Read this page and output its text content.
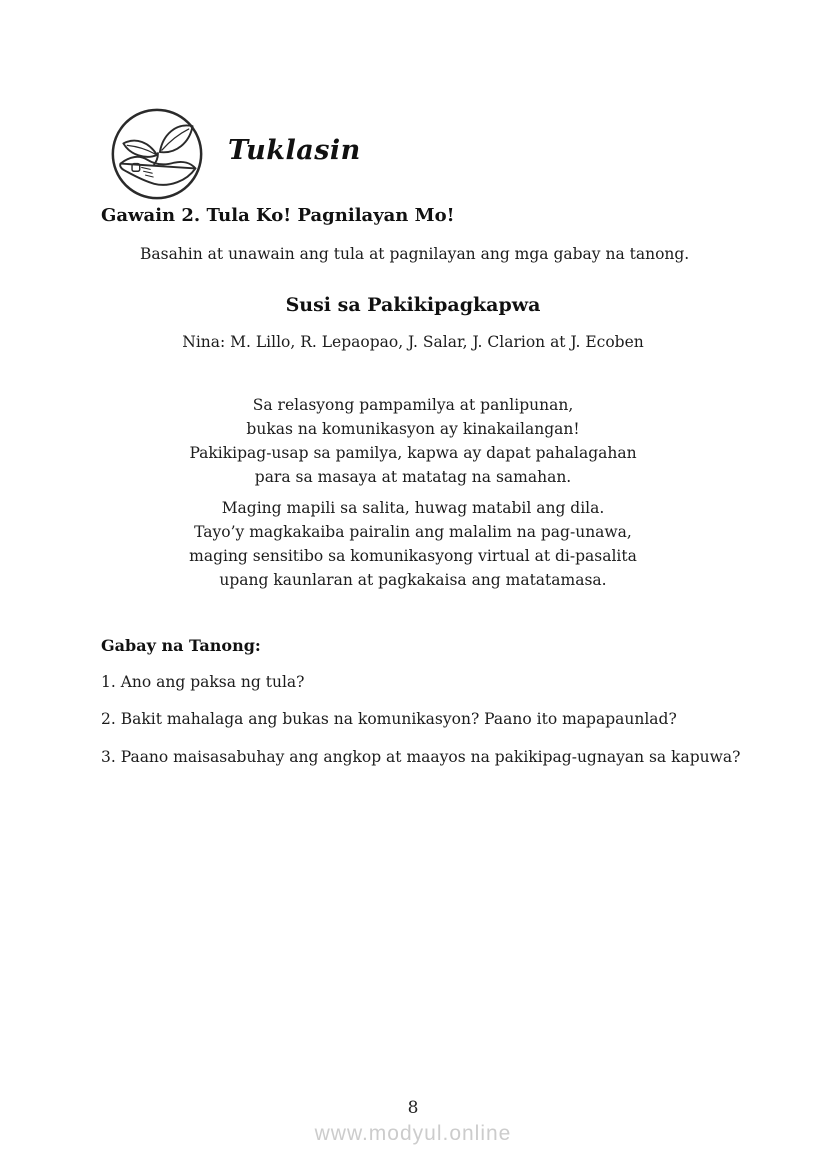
Tuklasin
Gawain 2. Tula Ko! Pagnilayan Mo!
Basahin at unawain ang tula at pagnilayan ang mga gabay na tanong.
Susi sa Pakikipagkapwa
Nina: M. Lillo, R. Lepaopao, J. Salar, J. Clarion at J. Ecoben
Sa relasyong pampamilya at panlipunan,
bukas na komunikasyon ay kinakailangan!
Pakikipag-usap sa pamilya, kapwa ay dapat pahalagahan
para sa masaya at matatag na samahan.
Maging mapili sa salita, huwag matabil ang dila.
Tayo’y magkakaiba pairalin ang malalim na pag-unawa,
maging sensitibo sa komunikasyong virtual at di-pasalita
upang kaunlaran at pagkakaisa ang matatamasa.
Gabay na Tanong:
1. Ano ang paksa ng tula?
2. Bakit mahalaga ang bukas na komunikasyon? Paano ito mapapaunlad?
3. Paano maisasabuhay ang angkop at maayos na pakikipag-ugnayan sa kapuwa?
8
www.modyul.online
